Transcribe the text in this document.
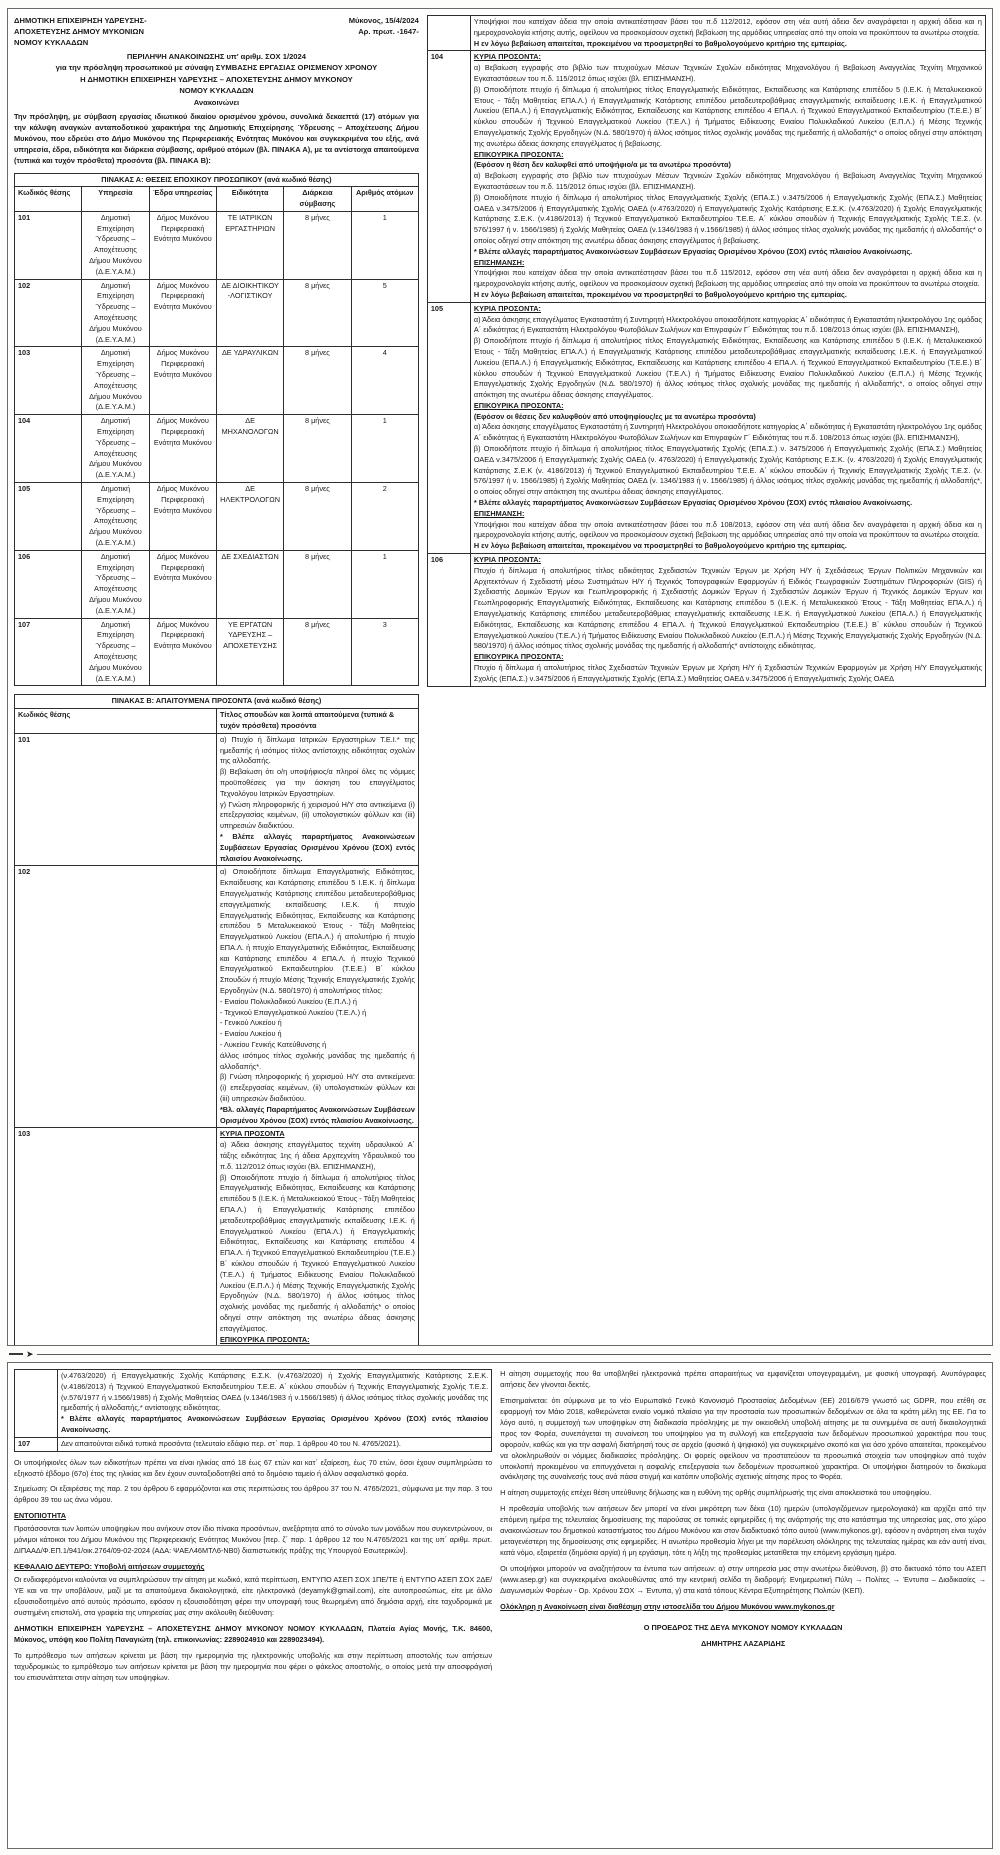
ΔΗΜΟΤΙΚΗ ΕΠΙΧΕΙΡΗΣΗ ΥΔΡΕΥΣΗΣ-
ΑΠΟΧΕΤΕΥΣΗΣ ΔΗΜΟΥ ΜΥΚΟΝΙΩΝ
ΝΟΜΟΥ ΚΥΚΛΑΔΩΝ
Μύκονος, 15/4/2024
Αρ. πρωτ. -1647-
ΠΕΡΙΛΗΨΗ ΑΝΑΚΟΙΝΩΣΗΣ υπ' αριθμ. ΣΟΧ 1/2024
για την πρόσληψη προσωπικού με σύναψη ΣΥΜΒΑΣΗΣ ΕΡΓΑΣΙΑΣ ΟΡΙΣΜΕΝΟΥ ΧΡΟΝΟΥ
Η ΔΗΜΟΤΙΚΗ ΕΠΙΧΕΙΡΗΣΗ ΥΔΡΕΥΣΗΣ – ΑΠΟΧΕΤΕΥΣΗΣ ΔΗΜΟΥ ΜΥΚΟΝΟΥ
ΝΟΜΟΥ ΚΥΚΛΑΔΩΝ
Ανακοινώνει

Την πρόσληψη, με σύμβαση εργασίας ιδιωτικού δικαίου ορισμένου χρόνου, συνολικά δεκαεπτά (17) ατόμων για την κάλυψη αναγκών ανταποδοτικού χαρακτήρα της Δημοτικής Επιχείρησης Ύδρευσης – Αποχέτευσης Δήμου Μυκόνου, που εδρεύει στο Δήμο Μυκόνου της Περιφερειακής Ενότητας Μυκόνου και συγκεκριμένα του εξής, ανά υπηρεσία, έδρα, ειδικότητα και διάρκεια σύμβασης, αριθμού ατόμων (βλ. ΠΙΝΑΚΑ Α), με τα αντίστοιχα απαιτούμενα (τυπικά και τυχόν πρόσθετα) προσόντα (βλ. ΠΙΝΑΚΑ Β):

ΠΙΝΑΚΑΣ Α: ΘΕΣΕΙΣ ΕΠΟΧΙΚΟΥ ΠΡΟΣΩΠΙΚΟΥ (ανά κωδικό θέσης)					
Κωδικός θέσης	Υπηρεσία	Έδρα υπηρεσίας	Ειδικότητα	Διάρκεια σύμβασης	Αριθμός ατόμων
101	Δημοτική Επιχείρηση Ύδρευσης – Αποχέτευσης Δήμου Μυκόνου (Δ.Ε.Υ.Α.Μ.)	Δήμος Μυκόνου Περιφερειακή Ενότητα Μυκόνου	ΤΕ ΙΑΤΡΙΚΩΝ ΕΡΓΑΣΤΗΡΙΩΝ	8 μήνες	1
102	Δημοτική Επιχείρηση Ύδρευσης – Αποχέτευσης Δήμου Μυκόνου (Δ.Ε.Υ.Α.Μ.)	Δήμος Μυκόνου Περιφερειακή Ενότητα Μυκόνου	ΔΕ ΔΙΟΙΚΗΤΙΚΟΥ -ΛΟΓΙΣΤΙΚΟΥ	8 μήνες	5
103	Δημοτική Επιχείρηση Ύδρευσης – Αποχέτευσης Δήμου Μυκόνου (Δ.Ε.Υ.Α.Μ.)	Δήμος Μυκόνου Περιφερειακή Ενότητα Μυκόνου	ΔΕ ΥΔΡΑΥΛΙΚΩΝ	8 μήνες	4
104	Δημοτική Επιχείρηση Ύδρευσης – Αποχέτευσης Δήμου Μυκόνου (Δ.Ε.Υ.Α.Μ.)	Δήμος Μυκόνου Περιφερειακή Ενότητα Μυκόνου	ΔΕ ΜΗΧΑΝΟΛΟΓΩΝ	8 μήνες	1
105	Δημοτική Επιχείρηση Ύδρευσης – Αποχέτευσης Δήμου Μυκόνου (Δ.Ε.Υ.Α.Μ.)	Δήμος Μυκόνου Περιφερειακή Ενότητα Μυκόνου	ΔΕ ΗΛΕΚΤΡΟΛΟΓΩΝ	8 μήνες	2
106	Δημοτική Επιχείρηση Ύδρευσης – Αποχέτευσης Δήμου Μυκόνου (Δ.Ε.Υ.Α.Μ.)	Δήμος Μυκόνου Περιφερειακή Ενότητα Μυκόνου	ΔΕ ΣΧΕΔΙΑΣΤΩΝ	8 μήνες	1
107	Δημοτική Επιχείρηση Ύδρευσης – Αποχέτευσης Δήμου Μυκόνου (Δ.Ε.Υ.Α.Μ.)	Δήμος Μυκόνου Περιφερειακή Ενότητα Μυκόνου	ΥΕ ΕΡΓΑΤΩΝ ΥΔΡΕΥΣΗΣ – ΑΠΟΧΕΤΕΥΣΗΣ	8 μήνες	3
ΠΙΝΑΚΑΣ Β: ΑΠΑΙΤΟΥΜΕΝΑ ΠΡΟΣΟΝΤΑ (ανά κωδικό θέσης)	
Κωδικός θέσης	Τίτλος σπουδών και λοιπά απαιτούμενα (τυπικά & τυχόν πρόσθετα) προσόντα
101	α) Πτυχίο ή δίπλωμα Ιατρικών Εργαστηρίων Τ.Ε.Ι.* της ημεδαπής ή ισότιμος τίτλος αντίστοιχης ειδικότητας σχολών της αλλοδαπής.
β) Βεβαίωση ότι ο/η υποψήφιος/α πληροί όλες τις νόμιμες προϋποθέσεις για την άσκηση του επαγγέλματος Τεχνολόγου Ιατρικών Εργαστηρίων.
γ) Γνώση πληροφορικής ή χειρισμού Η/Υ στα αντικείμενα (i) επεξεργασίας κειμένων, (ii) υπολογιστικών φύλλων και (iii) υπηρεσιών διαδικτύου.
* Βλέπε αλλαγές παραρτήματος Ανακοινώσεων Συμβάσεων Εργασίας Ορισμένου Χρόνου (ΣΟΧ) εντός πλαισίου Ανακοίνωσης.

102	α) Οποιοδήποτε δίπλωμα Επαγγελματικής Ειδικότητας, Εκπαίδευσης και Κατάρτισης επιπέδου 5 Ι.Ε.Κ. ή δίπλωμα Επαγγελματικής Κατάρτισης επιπέδου μεταδευτεροβάθμιας επαγγελματικής εκπαίδευσης Ι.Ε.Κ. ή πτυχίο Επαγγελματικής Ειδικότητας, Εκπαίδευσης και Κατάρτισης επιπέδου 5 Μεταλυκειακού Έτους - Τάξη Μαθητείας Επαγγελματικού Λυκείου (ΕΠΑ.Λ.) ή απολυτήριο ή πτυχίο ΕΠΑ.Λ. ή πτυχίο Επαγγελματικής Ειδικότητας, Εκπαίδευσης και Κατάρτισης επιπέδου 4 ΕΠΑ.Λ. ή πτυχίο Τεχνικού Επαγγελματικού Εκπαιδευτηρίου (Τ.Ε.Ε.) Β΄ κύκλου Σπουδών ή πτυχίο Μέσης Τεχνικής Επαγγελματικής Σχολής Εργοδηγών (Ν.Δ. 580/1970) ή απολυτήριος τίτλος:
- Ενιαίου Πολυκλαδικού Λυκείου (Ε.Π.Λ.) ή
- Τεχνικού Επαγγελματικού Λυκείου (Τ.Ε.Λ.) ή
- Γενικού Λυκείου ή
- Ενιαίου Λυκείου ή
- Λυκείου Γενικής Κατεύθυνσης ή
άλλος ισότιμος τίτλος σχολικής μονάδας της ημεδαπής ή αλλοδαπής*.
β) Γνώση πληροφορικής ή χειρισμού Η/Υ στα αντικείμενα: (i) επεξεργασίας κειμένων, (ii) υπολογιστικών φύλλων και (iii) υπηρεσιών διαδικτύου.
*Βλ. αλλαγές Παραρτήματος Ανακοινώσεων Συμβάσεων Ορισμένου Χρόνου (ΣΟΧ) εντός πλαισίου Ανακοίνωσης.

103	ΚΥΡΙΑ ΠΡΟΣΟΝΤΑ
α) Άδεια άσκησης επαγγέλματος τεχνίτη υδραυλικού Α΄ τάξης ειδικότητας 1ης ή άδεια Αρχιτεχνίτη Υδραυλικού του π.δ. 112/2012 όπως ισχύει (Βλ. ΕΠΙΣΗΜΑΝΣΗ),
β) Οποιοδήποτε πτυχίο ή δίπλωμα ή απολυτήριος τίτλος Επαγγελματικής Ειδικότητας, Εκπαίδευσης και Κατάρτισης επιπέδου 5 (Ι.Ε.Κ. ή Μεταλυκειακού Έτους - Τάξη Μαθητείας ΕΠΑ.Λ.) ή Επαγγελματικής Κατάρτισης επιπέδου μεταδευτεροβάθμιας επαγγελματικής εκπαίδευσης Ι.Ε.Κ. ή Επαγγελματικού Λυκείου (ΕΠΑ.Λ.) ή Επαγγελματικής Ειδικότητας, Εκπαίδευσης και Κατάρτισης επιπέδου 4 ΕΠΑ.Λ. ή Τεχνικού Επαγγελματικού Εκπαιδευτηρίου (Τ.Ε.Ε.) Β΄ κύκλου σπουδών ή Τεχνικού Επαγγελματικού Λυκείου (Τ.Ε.Λ.) ή Τμήματος Ειδίκευσης Ενιαίου Πολυκλαδικού Λυκείου (Ε.Π.Λ.) ή Μέσης Τεχνικής Επαγγελματικής Σχολής Εργοδηγών (Ν.Δ. 580/1970) ή άλλος ισότιμος τίτλος σχολικής μονάδας της ημεδαπής ή αλλοδαπής* ο οποίος οδηγεί στην απόκτηση της ανωτέρω άδειας άσκησης επαγγέλματος.
ΕΠΙΚΟΥΡΙΚΑ ΠΡΟΣΟΝΤΑ:

	Υποψήφιοι που κατείχαν άδεια την οποία αντικατέστησαν βάσει του π.δ 112/2012, εφόσον στη νέα αυτή άδεια δεν αναγράφεται η αρχική άδεια και η ημεροχρονολογία κτήσης αυτής, οφείλουν να προσκομίσουν σχετική βεβαίωση της αρμόδιας υπηρεσίας από την οποία να προκύπτουν τα ανωτέρω στοιχεία.
Η εν λόγω βεβαίωση απαιτείται, προκειμένου να προσμετρηθεί το βαθμολογούμενο κριτήριο της εμπειρίας.

104	ΚΥΡΙΑ ΠΡΟΣΟΝΤΑ:
α) Βεβαίωση εγγραφής στο βιβλίο των πτυχιούχων Μέσων Τεχνικών Σχολών ειδικότητας Μηχανολόγου ή Βεβαίωση Αναγγελίας Τεχνίτη Μηχανικού Εγκαταστάσεων του π.δ. 115/2012 όπως ισχύει (βλ. ΕΠΙΣΗΜΑΝΣΗ).
β) Οποιοδήποτε πτυχίο ή δίπλωμα ή απολυτήριος τίτλος Επαγγελματικής Ειδικότητας, Εκπαίδευσης και Κατάρτισης επιπέδου 5 (Ι.Ε.Κ. ή Μεταλυκειακού Έτους - Τάξη Μαθητείας ΕΠΑ.Λ.) ή Επαγγελματικής Κατάρτισης επιπέδου μεταδευτεροβάθμιας επαγγελματικής εκπαίδευσης Ι.Ε.Κ. ή Επαγγελματικού Λυκείου (ΕΠΑ.Λ.) ή Επαγγελματικής Ειδικότητας, Εκπαίδευσης και Κατάρτισης επιπέδου 4 ΕΠΑ.Λ. ή Τεχνικού Επαγγελματικού Εκπαιδευτηρίου (Τ.Ε.Ε.) Β΄ κύκλου σπουδών ή Τεχνικού Επαγγελματικού Λυκείου (Τ.Ε.Λ.) ή Τμήματος Ειδίκευσης Ενιαίου Πολυκλαδικού Λυκείου (Ε.Π.Λ.) ή Μέσης Τεχνικής Επαγγελματικής Σχολής Εργοδηγών (Ν.Δ. 580/1970) ή άλλος ισότιμος τίτλος σχολικής μονάδας της ημεδαπής ή αλλοδαπής* ο οποίος οδηγεί στην απόκτηση της ανωτέρω άδειας άσκησης επαγγέλματος ή βεβαίωσης.
ΕΠΙΚΟΥΡΙΚΑ ΠΡΟΣΟΝΤΑ:
(Εφόσον η θέση δεν καλυφθεί από υποψήφιο/α με τα ανωτέρω προσόντα)
α) Βεβαίωση εγγραφής στο βιβλίο των πτυχιούχων Μέσων Τεχνικών Σχολών ειδικότητας Μηχανολόγου ή Βεβαίωση Αναγγελίας Τεχνίτη Μηχανικού Εγκαταστάσεων του π.δ. 115/2012 όπως ισχύει (βλ. ΕΠΙΣΗΜΑΝΣΗ).
β) Οποιοδήποτε πτυχίο ή δίπλωμα ή απολυτήριος τίτλος Επαγγελματικής Σχολής (ΕΠΑ.Σ.) ν.3475/2006 ή Επαγγελματικής Σχολής (ΕΠΑ.Σ.) Μαθητείας ΟΑΕΔ ν.3475/2006 ή Επαγγελματικής Σχολής ΟΑΕΔ (ν.4763/2020) ή Επαγγελματικής Σχολής Κατάρτισης Ε.Σ.Κ. (ν.4763/2020) ή Σχολής Επαγγελματικής Κατάρτισης Σ.Ε.Κ. (ν.4186/2013) ή Τεχνικού Επαγγελματικού Εκπαιδευτηρίου Τ.Ε.Ε. Α΄ κύκλου σπουδών ή Τεχνικής Επαγγελματικής Σχολής Τ.Ε.Σ. (ν. 576/1997 ή ν. 1566/1985) ή Σχολής Μαθητείας ΟΑΕΔ (ν.1346/1983 ή ν.1566/1985) ή άλλος ισότιμος τίτλος σχολικής μονάδας της ημεδαπής ή αλλοδαπής* ο οποίος οδηγεί στην απόκτηση της ανωτέρω άδειας άσκησης επαγγέλματος ή βεβαίωσης.
* Βλέπε αλλαγές παραρτήματος Ανακοινώσεων Συμβάσεων Εργασίας Ορισμένου Χρόνου (ΣΟΧ) εντός πλαισίου Ανακοίνωσης.
ΕΠΙΣΗΜΑΝΣΗ:
Υποψήφιοι που κατείχαν άδεια την οποία αντικατέστησαν βάσει του π.δ 115/2012, εφόσον στη νέα αυτή άδεια δεν αναγράφεται η αρχική άδεια και η ημεροχρονολογία κτήσης αυτής, οφείλουν να προσκομίσουν σχετική βεβαίωση της αρμόδιας υπηρεσίας από την οποία να προκύπτουν τα ανωτέρω στοιχεία.
Η εν λόγω βεβαίωση απαιτείται, προκειμένου να προσμετρηθεί το βαθμολογούμενο κριτήριο της εμπειρίας.

105	ΚΥΡΙΑ ΠΡΟΣΟΝΤΑ:
α) Άδεια άσκησης επαγγέλματος Εγκαταστάτη ή Συντηρητή Ηλεκτρολόγου οποιασδήποτε κατηγορίας Α΄ ειδικότητας ή Εγκαταστάτη ηλεκτρολόγου 1ης ομάδας Α΄ ειδικότητας ή Εγκαταστάτη Ηλεκτρολόγου Φωτοβόλων Σωλήνων και Επιγραφών Γ΄ Ειδικότητας του π.δ. 108/2013 όπως ισχύει (βλ. ΕΠΙΣΗΜΑΝΣΗ),
β) Οποιοδήποτε πτυχίο ή δίπλωμα ή απολυτήριος τίτλος Επαγγελματικής Ειδικότητας, Εκπαίδευσης και Κατάρτισης επιπέδου 5 (Ι.Ε.Κ. ή Μεταλυκειακού Έτους - Τάξη Μαθητείας ΕΠΑ.Λ.) ή Επαγγελματικής Κατάρτισης επιπέδου μεταδευτεροβάθμιας επαγγελματικής εκπαίδευσης Ι.Ε.Κ. ή Επαγγελματικού Λυκείου (ΕΠΑ.Λ.) ή Επαγγελματικής Ειδικότητας, Εκπαίδευσης και Κατάρτισης επιπέδου 4 ΕΠΑ.Λ. ή Τεχνικού Επαγγελματικού Εκπαιδευτηρίου (Τ.Ε.Ε.) Β΄ κύκλου σπουδών ή Τεχνικού Επαγγελματικού Λυκείου (Τ.Ε.Λ.) ή Τμήματος Ειδίκευσης Ενιαίου Πολυκλαδικού Λυκείου (Ε.Π.Λ.) ή Μέσης Τεχνικής Επαγγελματικής Σχολής Εργοδηγών (Ν.Δ. 580/1970) ή άλλος ισότιμος τίτλος σχολικής μονάδας της ημεδαπής ή αλλοδαπής*, ο οποίος οδηγεί στην απόκτηση της ανωτέρω άδειας άσκησης επαγγέλματος.
ΕΠΙΚΟΥΡΙΚΑ ΠΡΟΣΟΝΤΑ:
(Εφόσον οι θέσεις δεν καλυφθούν από υποψηφίους/ες με τα ανωτέρω προσόντα)
α) Άδεια άσκησης επαγγέλματος Εγκαταστάτη ή Συντηρητή Ηλεκτρολόγου οποιασδήποτε κατηγορίας Α΄ ειδικότητας ή Εγκαταστάτη ηλεκτρολόγου 1ης ομάδας Α΄ ειδικότητας ή Εγκαταστάτη Ηλεκτρολόγου Φωτοβόλων Σωλήνων και Επιγραφών Γ΄ Ειδικότητας του π.δ. 108/2013 όπως ισχύει (βλ. ΕΠΙΣΗΜΑΝΣΗ),
β) Οποιοδήποτε πτυχίο ή δίπλωμα ή απολυτήριος τίτλος Επαγγελματικής Σχολής (ΕΠΑ.Σ.) ν. 3475/2006 ή Επαγγελματικής Σχολής (ΕΠΑ.Σ.) Μαθητείας ΟΑΕΔ ν.3475/2006 ή Επαγγελματικής Σχολής ΟΑΕΔ (ν. 4763/2020) ή Επαγγελματικής Σχολής Κατάρτισης Ε.Σ.Κ. (ν. 4763/2020) ή Σχολής Επαγγελματικής Κατάρτισης Σ.Ε.Κ (ν. 4186/2013) ή Τεχνικού Επαγγελματικού Εκπαιδευτηρίου Τ.Ε.Ε. Α΄ κύκλου σπουδών ή Τεχνικής Επαγγελματικής Σχολής Τ.Ε.Σ. (ν. 576/1997 ή ν. 1566/1985) ή Σχολής Μαθητείας ΟΑΕΔ (ν. 1346/1983 ή ν. 1566/1985) ή άλλος ισότιμος τίτλος σχολικής μονάδας της ημεδαπής ή αλλοδαπής*, ο οποίος οδηγεί στην απόκτηση της ανωτέρω άδειας άσκησης επαγγέλματος.
* Βλέπε αλλαγές παραρτήματος Ανακοινώσεων Συμβάσεων Εργασίας Ορισμένου Χρόνου (ΣΟΧ) εντός πλαισίου Ανακοίνωσης.
ΕΠΙΣΗΜΑΝΣΗ:
Υποψήφιοι που κατείχαν άδεια την οποία αντικατέστησαν βάσει του π.δ 108/2013, εφόσον στη νέα αυτή άδεια δεν αναγράφεται η αρχική άδεια και η ημεροχρονολογία κτήσης αυτής, οφείλουν να προσκομίσουν σχετική βεβαίωση της αρμόδιας υπηρεσίας από την οποία να προκύπτουν τα ανωτέρω στοιχεία.
Η εν λόγω βεβαίωση απαιτείται, προκειμένου να προσμετρηθεί το βαθμολογούμενο κριτήριο της εμπειρίας.

106	ΚΥΡΙΑ ΠΡΟΣΟΝΤΑ:
Πτυχίο ή δίπλωμα ή απολυτήριος τίτλος ειδικότητας Σχεδιαστών Τεχνικών Έργων με Χρήση Η/Υ ή Σχεδιάσεως Έργων Πολιτικών Μηχανικών και Αρχιτεκτόνων ή Σχεδιαστή μέσω Συστημάτων Η/Υ ή Τεχνικός Τοπογραφικών Εφαρμογών ή Ειδικός Γεωγραφικών Συστημάτων Πληροφοριών (GIS) ή Σχεδιαστής Δομικών Έργων και Γεωπληροφορικής ή Σχεδιαστής Δομικών Έργων ή Σχεδιαστών Δομικών Έργων ή Τεχνικός Δομικών Έργων και Γεωπληροφορικής Επαγγελματικής Ειδικότητας, Εκπαίδευσης και Κατάρτισης επιπέδου 5 (Ι.Ε.Κ. ή Μεταλυκειακού Έτους - Τάξη Μαθητείας ΕΠΑ.Λ.) ή Επαγγελματικής Κατάρτισης επιπέδου μεταδευτεροβάθμιας επαγγελματικής εκπαίδευσης Ι.Ε.Κ. ή Επαγγελματικού Λυκείου (ΕΠΑ.Λ.) ή Επαγγελματικής Ειδικότητας, Εκπαίδευσης και Κατάρτισης επιπέδου 4 ΕΠΑ.Λ. ή Τεχνικού Επαγγελματικού Εκπαιδευτηρίου (Τ.Ε.Ε.) Β΄ κύκλου σπουδών ή Τεχνικού Επαγγελματικού Λυκείου (Τ.Ε.Λ.) ή Τμήματος Ειδίκευσης Ενιαίου Πολυκλαδικού Λυκείου (Ε.Π.Λ.) ή Μέσης Τεχνικής Επαγγελματικής Σχολής Εργοδηγών (Ν.Δ. 580/1970) ή άλλος ισότιμος τίτλος σχολικής μονάδας της ημεδαπής ή αλλοδαπής* αντίστοιχης ειδικότητας.
ΕΠΙΚΟΥΡΙΚΑ ΠΡΟΣΟΝΤΑ:
Πτυχίο ή δίπλωμα ή απολυτήριος τίτλος Σχεδιαστών Τεχνικών Έργων με Χρήση Η/Υ ή Σχεδιαστών Τεχνικών Εφαρμογών με Χρήση Η/Υ Επαγγελματικής Σχολής (ΕΠΑ.Σ.) ν.3475/2006 ή Επαγγελματικής Σχολής (ΕΠΑ.Σ.) Μαθητείας ΟΑΕΔ ν.3475/2006 ή Επαγγελματικής Σχολής ΟΑΕΔ
➤

	(ν.4763/2020) ή Επαγγελματικής Σχολής Κατάρτισης Ε.Σ.Κ. (ν.4763/2020) ή Σχολής Επαγγελματικής Κατάρτισης Σ.Ε.Κ. (ν.4186/2013) ή Τεχνικού Επαγγελματικού Εκπαιδευτηρίου Τ.Ε.Ε. Α΄ κύκλου σπουδών ή Τεχνικής Επαγγελματικής Σχολής Τ.Ε.Σ. (ν.576/1977 ή ν.1566/1985) ή Σχολής Μαθητείας ΟΑΕΔ (ν.1346/1983 ή ν.1566/1985) ή άλλος ισότιμος τίτλος σχολικής μονάδας της ημεδαπής ή αλλοδαπής,* αντίστοιχης ειδικότητας.
* Βλέπε αλλαγές παραρτήματος Ανακοινώσεων Συμβάσεων Εργασίας Ορισμένου Χρόνου (ΣΟΧ) εντός πλαισίου Ανακοίνωσης.

107	Δεν απαιτούνται ειδικά τυπικά προσόντα (τελευταίο εδάφιο περ. στ΄ παρ. 1 άρθρου 40 του Ν. 4765/2021).
Οι υποψήφιοι/ες όλων των ειδικοτήτων πρέπει να είναι ηλικίας από 18 έως 67 ετών και κατ΄ εξαίρεση, έως 70 ετών, όσοι έχουν συμπληρώσει το εξηκοστό έβδομο (67ο) έτος της ηλικίας και δεν έχουν συνταξιοδοτηθεί από το δημόσιο ταμείο ή άλλον ασφαλιστικό φορέα.
Σημείωση: Οι εξαιρέσεις της παρ. 2 του άρθρου 6 εφαρμόζονται και στις περιπτώσεις του άρθρου 37 του Ν. 4765/2021, σύμφωνα με την παρ. 3 του άρθρου 39 του ως άνω νόμου.
ΕΝΤΟΠΙΟΤΗΤΑ
Προτάσσονται των λοιπών υποψηφίων που ανήκουν στον ίδιο πίνακα προσόντων, ανεξάρτητα από το σύνολο των μονάδων που συγκεντρώνουν, οι μόνιμοι κάτοικοι του Δήμου Μυκόνου της Περιφερειακής Ενότητας Μυκόνου [περ. ζ΄ παρ. 1 άρθρου 12 του Ν.4765/2021 και της υπ΄ αριθμ. πρωτ. ΔΙΠΑΑΔ/Φ.ΕΠ.1/941/οικ.2764/09-02-2024 (ΑΔΑ: ΨΑΕΛ46ΜΤΛ6-ΝΒ0) διαπιστωτικής πράξης της Υπουργού Εσωτερικών].
ΚΕΦΑΛΑΙΟ ΔΕΥΤΕΡΟ: Υποβολή αιτήσεων συμμετοχής
Οι ενδιαφερόμενοι καλούνται να συμπληρώσουν την αίτηση με κωδικό, κατά περίπτωση, ΕΝΤΥΠΟ ΑΣΕΠ ΣΟΧ 1ΠΕ/ΤΕ ή ΕΝΤΥΠΟ ΑΣΕΠ ΣΟΧ 2ΔΕ/ΥΕ και να την υποβάλουν, μαζί με τα απαιτούμενα δικαιολογητικά, είτε ηλεκτρονικά (deyamyk@gmail.com), είτε αυτοπροσώπως, είτε με άλλο εξουσιοδοτημένο από αυτούς πρόσωπο, εφόσον η εξουσιοδότηση φέρει την υπογραφή τους θεωρημένη από δημόσια αρχή, είτε ταχυδρομικά με συστημένη επιστολή, στα γραφεία της υπηρεσίας μας στην ακόλουθη διεύθυνση:
ΔΗΜΟΤΙΚΗ ΕΠΙΧΕΙΡΗΣΗ ΥΔΡΕΥΣΗΣ – ΑΠΟΧΕΤΕΥΣΗΣ ΔΗΜΟΥ ΜΥΚΟΝΟΥ ΝΟΜΟΥ ΚΥΚΛΑΔΩΝ, Πλατεία Αγίας Μονής, Τ.Κ. 84600, Μύκονος, υπόψη κου Πολίτη Παναγιώτη (τηλ. επικοινωνίας: 2289024910 και 2289023494).
Το εμπρόθεσμο των αιτήσεων κρίνεται με βάση την ημερομηνία της ηλεκτρονικής υποβολής και στην περίπτωση αποστολής των αιτήσεων ταχυδρομικώς το εμπρόθεσμο των αιτήσεων κρίνεται με βάση την ημερομηνία που φέρει ο φάκελος αποστολής, ο οποίος μετά την αποσφράγισή του επισυνάπτεται στην αίτηση των υποψηφίων.
Η αίτηση συμμετοχής που θα υποβληθεί ηλεκτρονικά πρέπει απαραιτήτως να εμφανίζεται υπογεγραμμένη, με φυσική υπογραφή. Ανυπόγραφες αιτήσεις δεν γίνονται δεκτές.
Επισημαίνεται: ότι σύμφωνα με το νέο Ευρωπαϊκό Γενικό Κανονισμό Προστασίας Δεδομένων (ΕΕ) 2016/679 γνωστό ως GDPR, που ετέθη σε εφαρμογή τον Μάιο 2018, καθιερώνεται ενιαίο νομικό πλαίσιο για την προστασία των προσωπικών δεδομένων σε όλα τα κράτη μέλη της ΕΕ. Για το λόγο αυτό, η συμμετοχή των υποψηφίων στη διαδικασία πρόσληψης με την οικειοθελή υποβολή αίτησης με τα συνημμένα σε αυτή δικαιολογητικά προς τον Φορέα, συνεπάγεται τη συναίνεση του υποψηφίου για τη συλλογή και επεξεργασία των δεδομένων προσωπικού χαρακτήρα που τους αφορούν, καθώς και για την ασφαλή διατήρησή τους σε αρχείο (φυσικό ή ψηφιακό) για συγκεκριμένο σκοπό και για όσο χρόνο απαιτείται, προκειμένου να ολοκληρωθούν οι νόμιμες διαδικασίες πρόσληψης. Οι φορείς οφείλουν να προστατεύουν τα προσωπικά στοιχεία των υποψηφίων από τυχόν υποκλοπή προκειμένου να επιτυγχάνεται η ασφαλής επεξεργασία των δεδομένων προσωπικού χαρακτήρα. Οι υποψήφιοι διατηρούν το δικαίωμα ανάκλησης της συναίνεσής τους ανά πάσα στιγμή και κατόπιν υποβολής σχετικής αίτησης προς το Φορέα.
Η αίτηση συμμετοχής επέχει θέση υπεύθυνης δήλωσης και η ευθύνη της ορθής συμπλήρωσής της είναι αποκλειστικά του υποψηφίου.
Η προθεσμία υποβολής των αιτήσεων δεν μπορεί να είναι μικρότερη των δέκα (10) ημερών (υπολογιζόμενων ημερολογιακά) και αρχίζει από την επόμενη ημέρα της τελευταίας δημοσίευσης της παρούσας σε τοπικές εφημερίδες ή της ανάρτησής της στο κατάστημα της υπηρεσίας μας, στο χώρο ανακοινώσεων του δημοτικού καταστήματος του Δήμου Μυκόνου και στον διαδικτυακό τόπο αυτού (www.mykonos.gr), εφόσον η ανάρτηση είναι τυχόν μεταγενέστερη της δημοσίευσης στις εφημερίδες. Η ανωτέρω προθεσμία λήγει με την παρέλευση ολόκληρης της τελευταίας ημέρας και εάν αυτή είναι, κατά νόμο, εξαιρετέα (δημόσια αργία) ή μη εργάσιμη, τότε η λήξη της προθεσμίας μετατίθεται την επόμενη εργάσιμη ημέρα.
Οι υποψήφιοι μπορούν να αναζητήσουν τα έντυπα των αιτήσεων: α) στην υπηρεσία μας στην ανωτέρω διεύθυνση, β) στο δικτυακό τόπο του ΑΣΕΠ (www.asep.gr) και συγκεκριμένα ακολουθώντας από την κεντρική σελίδα τη διαδρομή: Ενημερωτική Πύλη → Πολίτες → Έντυπα – Διαδικασίες → Διαγωνισμών Φορέων - Ορ. Χρόνου ΣΟΧ → Έντυπα, γ) στα κατά τόπους Κέντρα Εξυπηρέτησης Πολιτών (ΚΕΠ).
Ολόκληρη η Ανακοίνωση είναι διαθέσιμη στην ιστοσελίδα του Δήμου Μυκόνου www.mykonos.gr
Ο ΠΡΟΕΔΡΟΣ ΤΗΣ ΔΕΥΑ ΜΥΚΟΝΟΥ ΝΟΜΟΥ ΚΥΚΛΑΔΩΝ
ΔΗΜΗΤΡΗΣ ΛΑΖΑΡΙΔΗΣ
